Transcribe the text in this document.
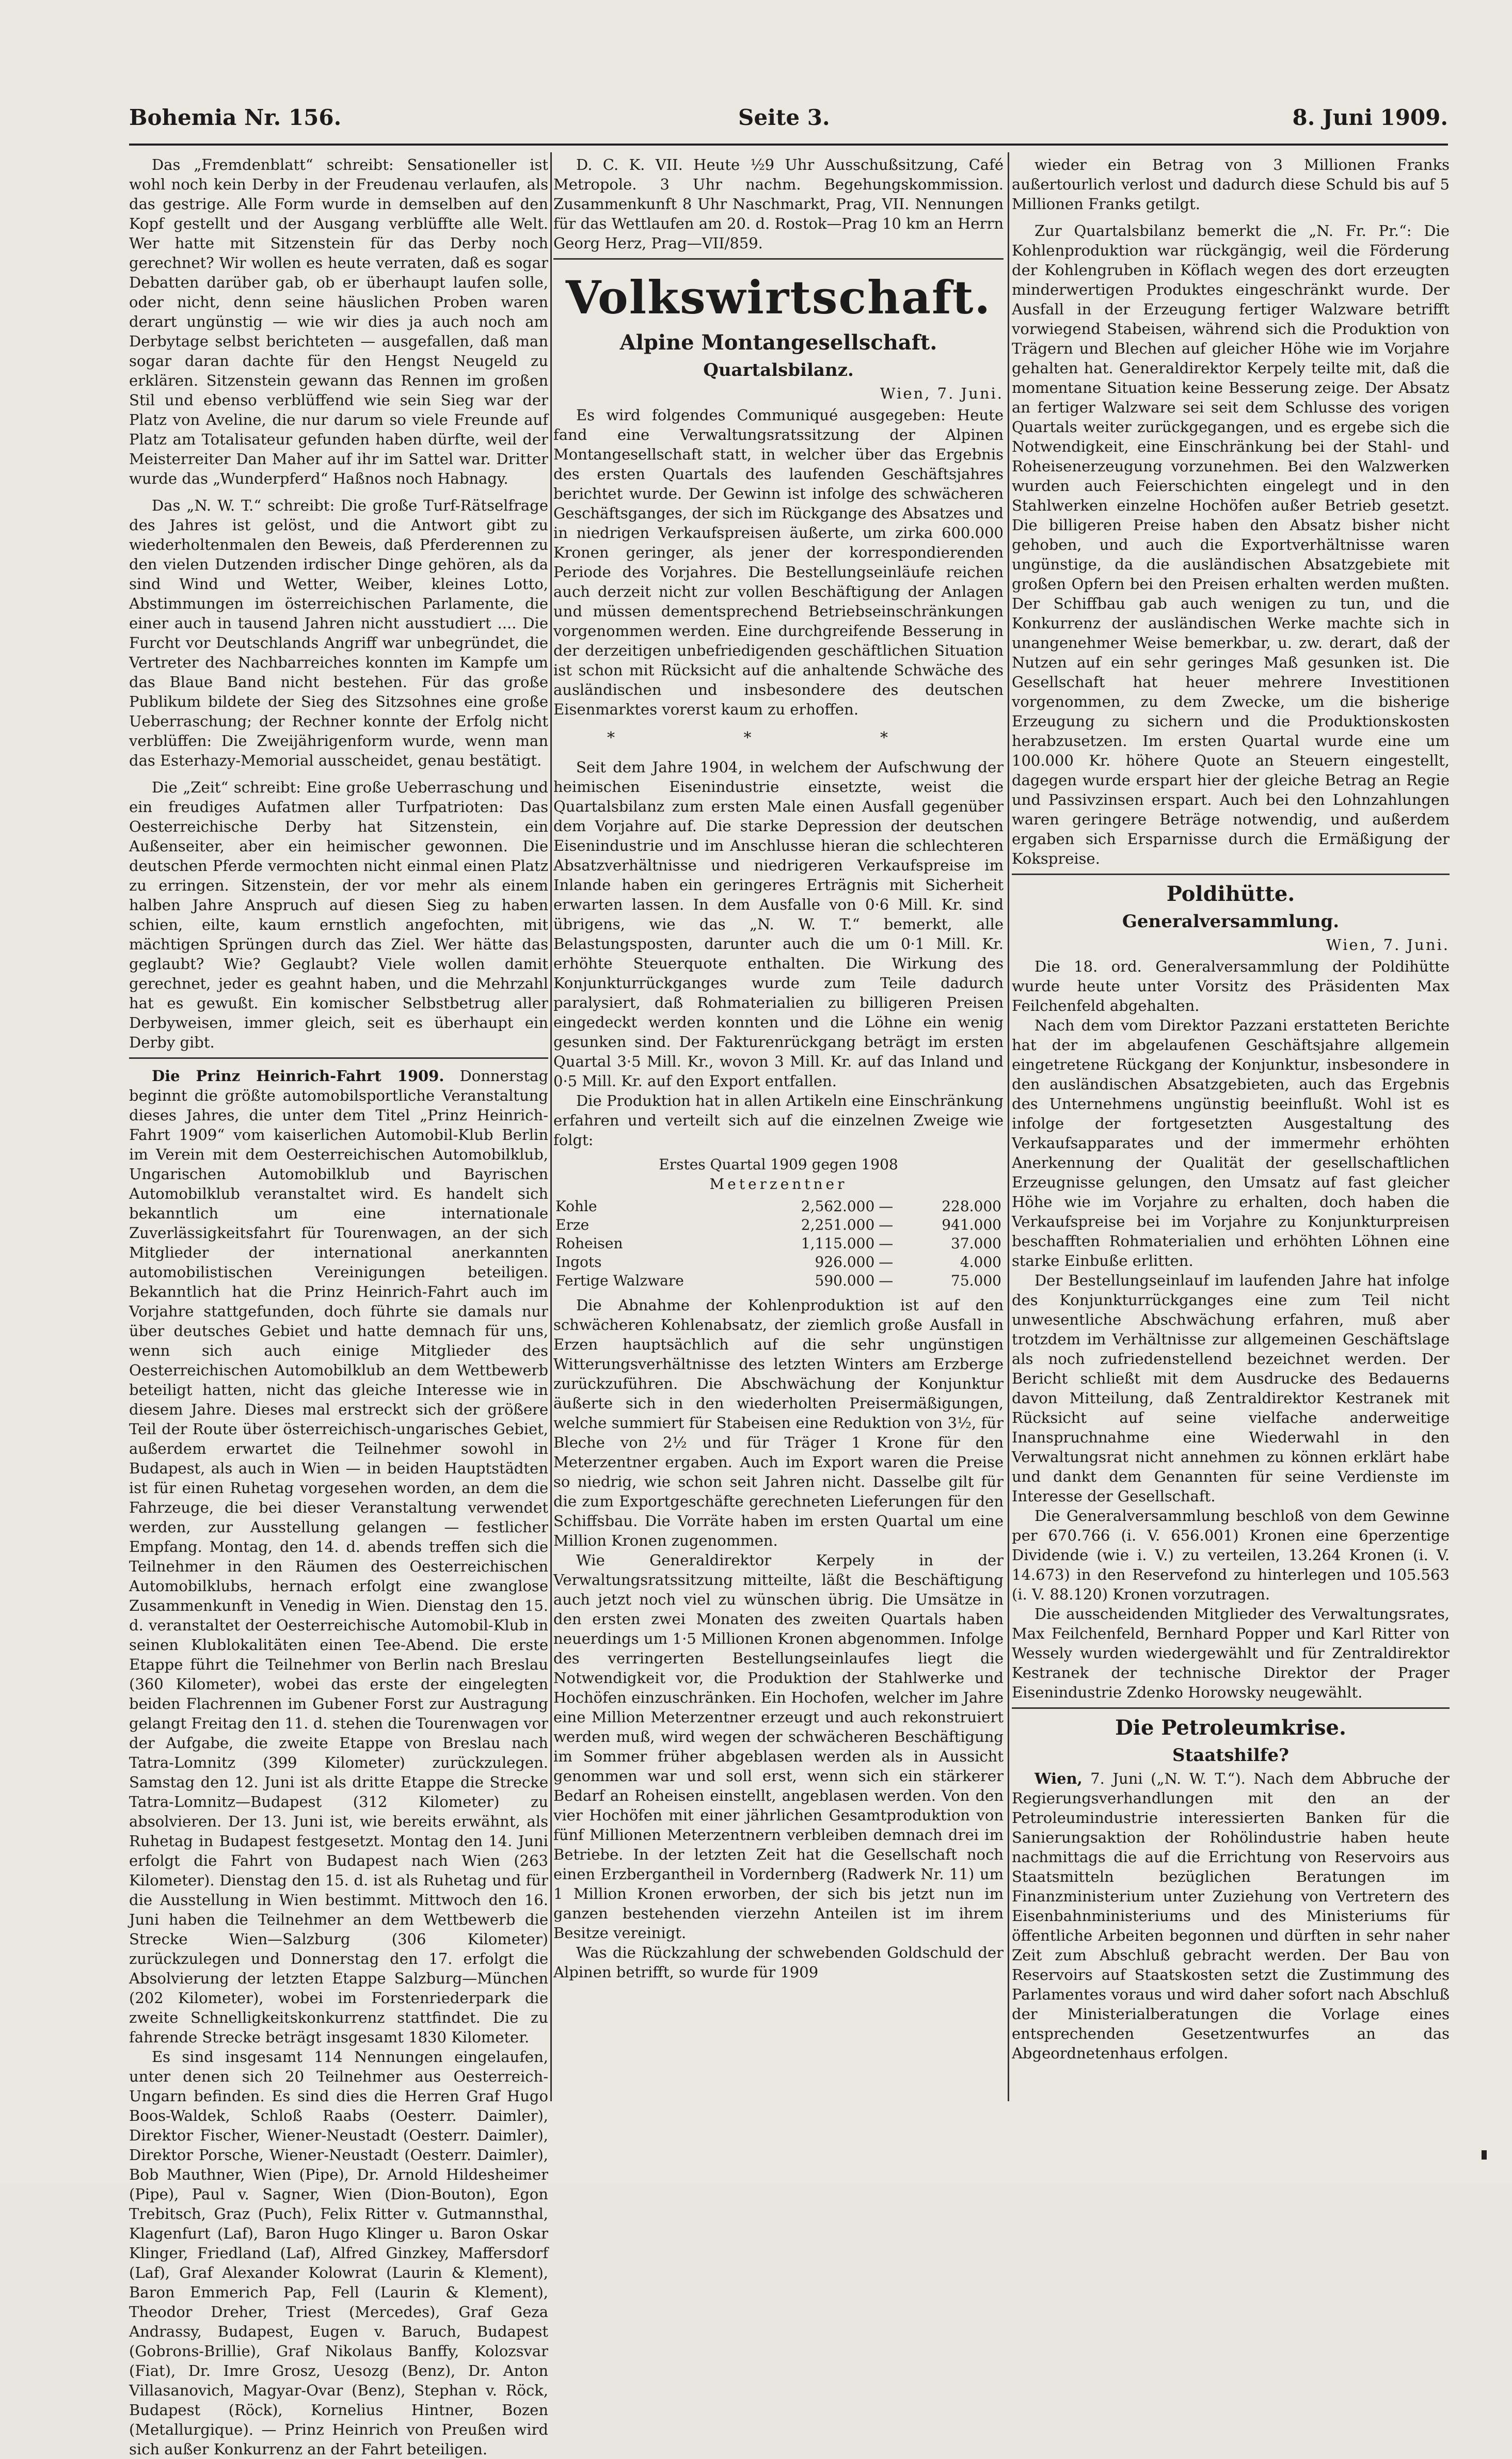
Bohemia Nr. 156.	Seite 3.	8. Juni 1909.

Das „Fremdenblatt“ schreibt: Sensationeller ist wohl noch kein Derby in der Freudenau verlaufen, als das gestrige. Alle Form wurde in demselben auf den Kopf gestellt und der Ausgang verblüffte alle Welt. Wer hatte mit Sitzenstein für das Derby noch gerechnet? Wir wollen es heute verraten, daß es sogar Debatten darüber gab, ob er überhaupt laufen solle, oder nicht, denn seine häuslichen Proben waren derart ungünstig — wie wir dies ja auch noch am Derbytage selbst berichteten — ausgefallen, daß man sogar daran dachte für den Hengst Neugeld zu erklären. Sitzenstein gewann das Rennen im großen Stil und ebenso verblüffend wie sein Sieg war der Platz von Aveline, die nur darum so viele Freunde auf Platz am Totalisateur gefunden haben dürfte, weil der Meisterreiter Dan Maher auf ihr im Sattel war. Dritter wurde das „Wunderpferd“ Haßnos noch Habnagy.

Das „N. W. T.“ schreibt: Die große Turf-Rätselfrage des Jahres ist gelöst, und die Antwort gibt zu wiederholtenmalen den Beweis, daß Pferderennen zu den vielen Dutzenden irdischer Dinge gehören, als da sind Wind und Wetter, Weiber, kleines Lotto, Abstimmungen im österreichischen Parlamente, die einer auch in tausend Jahren nicht ausstudiert .... Die Furcht vor Deutschlands Angriff war unbegründet, die Vertreter des Nachbarreiches konnten im Kampfe um das Blaue Band nicht bestehen. Für das große Publikum bildete der Sieg des Sitzsohnes eine große Ueberraschung; der Rechner konnte der Erfolg nicht verblüffen: Die Zweijährigenform wurde, wenn man das Esterhazy-Memorial ausscheidet, genau bestätigt.

Die „Zeit“ schreibt: Eine große Ueberraschung und ein freudiges Aufatmen aller Turfpatrioten: Das Oesterreichische Derby hat Sitzenstein, ein Außenseiter, aber ein heimischer gewonnen. Die deutschen Pferde vermochten nicht einmal einen Platz zu erringen. Sitzenstein, der vor mehr als einem halben Jahre Anspruch auf diesen Sieg zu haben schien, eilte, kaum ernstlich angefochten, mit mächtigen Sprüngen durch das Ziel. Wer hätte das geglaubt? Wie? Geglaubt? Viele wollen damit gerechnet, jeder es geahnt haben, und die Mehrzahl hat es gewußt. Ein komischer Selbstbetrug aller Derbyweisen, immer gleich, seit es überhaupt ein Derby gibt.

Die Prinz Heinrich-Fahrt 1909. Donnerstag beginnt die größte automobilsportliche Veranstaltung dieses Jahres, die unter dem Titel „Prinz Heinrich-Fahrt 1909“ vom kaiserlichen Automobil-Klub Berlin im Verein mit dem Oesterreichischen Automobilklub, Ungarischen Automobilklub und Bayrischen Automobilklub veranstaltet wird. Es handelt sich bekanntlich um eine internationale Zuverlässigkeitsfahrt für Tourenwagen, an der sich Mitglieder der international anerkannten automobilistischen Vereinigungen beteiligen. Bekanntlich hat die Prinz Heinrich-Fahrt auch im Vorjahre stattgefunden, doch führte sie damals nur über deutsches Gebiet und hatte demnach für uns, wenn sich auch einige Mitglieder des Oesterreichischen Automobilklub an dem Wettbewerb beteiligt hatten, nicht das gleiche Interesse wie in diesem Jahre. Dieses mal erstreckt sich der größere Teil der Route über österreichisch-ungarisches Gebiet, außerdem erwartet die Teilnehmer sowohl in Budapest, als auch in Wien — in beiden Hauptstädten ist für einen Ruhetag vorgesehen worden, an dem die Fahrzeuge, die bei dieser Veranstaltung verwendet werden, zur Ausstellung gelangen — festlicher Empfang. Montag, den 14. d. abends treffen sich die Teilnehmer in den Räumen des Oesterreichischen Automobilklubs, hernach erfolgt eine zwanglose Zusammenkunft in Venedig in Wien. Dienstag den 15. d. veranstaltet der Oesterreichische Automobil-Klub in seinen Klublokalitäten einen Tee-Abend. Die erste Etappe führt die Teilnehmer von Berlin nach Breslau (360 Kilometer), wobei das erste der eingelegten beiden Flachrennen im Gubener Forst zur Austragung gelangt Freitag den 11. d. stehen die Tourenwagen vor der Aufgabe, die zweite Etappe von Breslau nach Tatra-Lomnitz (399 Kilometer) zurückzulegen. Samstag den 12. Juni ist als dritte Etappe die Strecke Tatra-Lomnitz—Budapest (312 Kilometer) zu absolvieren. Der 13. Juni ist, wie bereits erwähnt, als Ruhetag in Budapest festgesetzt. Montag den 14. Juni erfolgt die Fahrt von Budapest nach Wien (263 Kilometer). Dienstag den 15. d. ist als Ruhetag und für die Ausstellung in Wien bestimmt. Mittwoch den 16. Juni haben die Teilnehmer an dem Wettbewerb die Strecke Wien—Salzburg (306 Kilometer) zurückzulegen und Donnerstag den 17. erfolgt die Absolvierung der letzten Etappe Salzburg—München (202 Kilometer), wobei im Forstenriederpark die zweite Schnelligkeitskonkurrenz stattfindet. Die zu fahrende Strecke beträgt insgesamt 1830 Kilometer.

Es sind insgesamt 114 Nennungen eingelaufen, unter denen sich 20 Teilnehmer aus Oesterreich-Ungarn befinden. Es sind dies die Herren Graf Hugo Boos-Waldek, Schloß Raabs (Oesterr. Daimler), Direktor Fischer, Wiener-Neustadt (Oesterr. Daimler), Direktor Porsche, Wiener-Neustadt (Oesterr. Daimler), Bob Mauthner, Wien (Pipe), Dr. Arnold Hildesheimer (Pipe), Paul v. Sagner, Wien (Dion-Bouton), Egon Trebitsch, Graz (Puch), Felix Ritter v. Gutmannsthal, Klagenfurt (Laf), Baron Hugo Klinger u. Baron Oskar Klinger, Friedland (Laf), Alfred Ginzkey, Maffersdorf (Laf), Graf Alexander Kolowrat (Laurin & Klement), Baron Emmerich Pap, Fell (Laurin & Klement), Theodor Dreher, Triest (Mercedes), Graf Geza Andrassy, Budapest, Eugen v. Baruch, Budapest (Gobrons-Brillie), Graf Nikolaus Banffy, Kolozsvar (Fiat), Dr. Imre Grosz, Uesozg (Benz), Dr. Anton Villasanovich, Magyar-Ovar (Benz), Stephan v. Röck, Budapest (Röck), Kornelius Hintner, Bozen (Metallurgique). — Prinz Heinrich von Preußen wird sich außer Konkurrenz an der Fahrt beteiligen.

D. C. K. VII. Heute ½9 Uhr Ausschußsitzung, Café Metropole. 3 Uhr nachm. Begehungskommission. Zusammenkunft 8 Uhr Naschmarkt, Prag, VII. Nennungen für das Wettlaufen am 20. d. Rostok—Prag 10 km an Herrn Georg Herz, Prag—VII/859.

Volkswirtschaft.
Alpine Montangesellschaft.
Quartalsbilanz.
Wien, 7. Juni.

Es wird folgendes Communiqué ausgegeben: Heute fand eine Verwaltungsratssitzung der Alpinen Montangesellschaft statt, in welcher über das Ergebnis des ersten Quartals des laufenden Geschäftsjahres berichtet wurde. Der Gewinn ist infolge des schwächeren Geschäftsganges, der sich im Rückgange des Absatzes und in niedrigen Verkaufspreisen äußerte, um zirka 600.000 Kronen geringer, als jener der korrespondierenden Periode des Vorjahres. Die Bestellungseinläufe reichen auch derzeit nicht zur vollen Beschäftigung der Anlagen und müssen dementsprechend Betriebseinschränkungen vorgenommen werden. Eine durchgreifende Besserung in der derzeitigen unbefriedigenden geschäftlichen Situation ist schon mit Rücksicht auf die anhaltende Schwäche des ausländischen und insbesondere des deutschen Eisenmarktes vorerst kaum zu erhoffen.

* * *

Seit dem Jahre 1904, in welchem der Aufschwung der heimischen Eisenindustrie einsetzte, weist die Quartalsbilanz zum ersten Male einen Ausfall gegenüber dem Vorjahre auf. Die starke Depression der deutschen Eisenindustrie und im Anschlusse hieran die schlechteren Absatzverhältnisse und niedrigeren Verkaufspreise im Inlande haben ein geringeres Erträgnis mit Sicherheit erwarten lassen. In dem Ausfalle von 0·6 Mill. Kr. sind übrigens, wie das „N. W. T.“ bemerkt, alle Belastungsposten, darunter auch die um 0·1 Mill. Kr. erhöhte Steuerquote enthalten. Die Wirkung des Konjunkturrückganges wurde zum Teile dadurch paralysiert, daß Rohmaterialien zu billigeren Preisen eingedeckt werden konnten und die Löhne ein wenig gesunken sind. Der Fakturenrückgang beträgt im ersten Quartal 3·5 Mill. Kr., wovon 3 Mill. Kr. auf das Inland und 0·5 Mill. Kr. auf den Export entfallen.

Die Produktion hat in allen Artikeln eine Einschränkung erfahren und verteilt sich auf die einzelnen Zweige wie folgt:

Erstes Quartal 1909 gegen 1908
Meterzentner
Kohle	2,562.000	—	228.000
Erze	2,251.000	—	941.000
Roheisen	1,115.000	—	37.000
Ingots	926.000	—	4.000
Fertige Walzware	590.000	—	75.000

Die Abnahme der Kohlenproduktion ist auf den schwächeren Kohlenabsatz, der ziemlich große Ausfall in Erzen hauptsächlich auf die sehr ungünstigen Witterungsverhältnisse des letzten Winters am Erzberge zurückzuführen. Die Abschwächung der Konjunktur äußerte sich in den wiederholten Preisermäßigungen, welche summiert für Stabeisen eine Reduktion von 3½, für Bleche von 2½ und für Träger 1 Krone für den Meterzentner ergaben. Auch im Export waren die Preise so niedrig, wie schon seit Jahren nicht. Dasselbe gilt für die zum Exportgeschäfte gerechneten Lieferungen für den Schiffsbau. Die Vorräte haben im ersten Quartal um eine Million Kronen zugenommen.

Wie Generaldirektor Kerpely in der Verwaltungsratssitzung mitteilte, läßt die Beschäftigung auch jetzt noch viel zu wünschen übrig. Die Umsätze in den ersten zwei Monaten des zweiten Quartals haben neuerdings um 1·5 Millionen Kronen abgenommen. Infolge des verringerten Bestellungseinlaufes liegt die Notwendigkeit vor, die Produktion der Stahlwerke und Hochöfen einzuschränken. Ein Hochofen, welcher im Jahre eine Million Meterzentner erzeugt und auch rekonstruiert werden muß, wird wegen der schwächeren Beschäftigung im Sommer früher abgeblasen werden als in Aussicht genommen war und soll erst, wenn sich ein stärkerer Bedarf an Roheisen einstellt, angeblasen werden. Von den vier Hochöfen mit einer jährlichen Gesamtproduktion von fünf Millionen Meterzentnern verbleiben demnach drei im Betriebe. In der letzten Zeit hat die Gesellschaft noch einen Erzbergantheil in Vordernberg (Radwerk Nr. 11) um 1 Million Kronen erworben, der sich bis jetzt nun im ganzen bestehenden vierzehn Anteilen ist im ihrem Besitze vereinigt.

Was die Rückzahlung der schwebenden Goldschuld der Alpinen betrifft, so wurde für 1909

wieder ein Betrag von 3 Millionen Franks außertourlich verlost und dadurch diese Schuld bis auf 5 Millionen Franks getilgt.

Zur Quartalsbilanz bemerkt die „N. Fr. Pr.“: Die Kohlenproduktion war rückgängig, weil die Förderung der Kohlengruben in Köflach wegen des dort erzeugten minderwertigen Produktes eingeschränkt wurde. Der Ausfall in der Erzeugung fertiger Walzware betrifft vorwiegend Stabeisen, während sich die Produktion von Trägern und Blechen auf gleicher Höhe wie im Vorjahre gehalten hat. Generaldirektor Kerpely teilte mit, daß die momentane Situation keine Besserung zeige. Der Absatz an fertiger Walzware sei seit dem Schlusse des vorigen Quartals weiter zurückgegangen, und es ergebe sich die Notwendigkeit, eine Einschränkung bei der Stahl- und Roheisenerzeugung vorzunehmen. Bei den Walzwerken wurden auch Feierschichten eingelegt und in den Stahlwerken einzelne Hochöfen außer Betrieb gesetzt. Die billigeren Preise haben den Absatz bisher nicht gehoben, und auch die Exportverhältnisse waren ungünstige, da die ausländischen Absatzgebiete mit großen Opfern bei den Preisen erhalten werden mußten. Der Schiffbau gab auch wenigen zu tun, und die Konkurrenz der ausländischen Werke machte sich in unangenehmer Weise bemerkbar, u. zw. derart, daß der Nutzen auf ein sehr geringes Maß gesunken ist. Die Gesellschaft hat heuer mehrere Investitionen vorgenommen, zu dem Zwecke, um die bisherige Erzeugung zu sichern und die Produktionskosten herabzusetzen. Im ersten Quartal wurde eine um 100.000 Kr. höhere Quote an Steuern eingestellt, dagegen wurde erspart hier der gleiche Betrag an Regie und Passivzinsen erspart. Auch bei den Lohnzahlungen waren geringere Beträge notwendig, und außerdem ergaben sich Ersparnisse durch die Ermäßigung der Kokspreise.

Poldihütte.
Generalversammlung.
Wien, 7. Juni.

Die 18. ord. Generalversammlung der Poldihütte wurde heute unter Vorsitz des Präsidenten Max Feilchenfeld abgehalten.

Nach dem vom Direktor Pazzani erstatteten Berichte hat der im abgelaufenen Geschäftsjahre allgemein eingetretene Rückgang der Konjunktur, insbesondere in den ausländischen Absatzgebieten, auch das Ergebnis des Unternehmens ungünstig beeinflußt. Wohl ist es infolge der fortgesetzten Ausgestaltung des Verkaufsapparates und der immermehr erhöhten Anerkennung der Qualität der gesellschaftlichen Erzeugnisse gelungen, den Umsatz auf fast gleicher Höhe wie im Vorjahre zu erhalten, doch haben die Verkaufspreise bei im Vorjahre zu Konjunkturpreisen beschafften Rohmaterialien und erhöhten Löhnen eine starke Einbuße erlitten.

Der Bestellungseinlauf im laufenden Jahre hat infolge des Konjunkturrückganges eine zum Teil nicht unwesentliche Abschwächung erfahren, muß aber trotzdem im Verhältnisse zur allgemeinen Geschäftslage als noch zufriedenstellend bezeichnet werden. Der Bericht schließt mit dem Ausdrucke des Bedauerns davon Mitteilung, daß Zentraldirektor Kestranek mit Rücksicht auf seine vielfache anderweitige Inanspruchnahme eine Wiederwahl in den Verwaltungsrat nicht annehmen zu können erklärt habe und dankt dem Genannten für seine Verdienste im Interesse der Gesellschaft.

Die Generalversammlung beschloß von dem Gewinne per 670.766 (i. V. 656.001) Kronen eine 6perzentige Dividende (wie i. V.) zu verteilen, 13.264 Kronen (i. V. 14.673) in den Reservefond zu hinterlegen und 105.563 (i. V. 88.120) Kronen vorzutragen.

Die ausscheidenden Mitglieder des Verwaltungsrates, Max Feilchenfeld, Bernhard Popper und Karl Ritter von Wessely wurden wiedergewählt und für Zentraldirektor Kestranek der technische Direktor der Prager Eisenindustrie Zdenko Horowsky neugewählt.

Die Petroleumkrise.
Staatshilfe?

Wien, 7. Juni („N. W. T.“). Nach dem Abbruche der Regierungsverhandlungen mit den an der Petroleumindustrie interessierten Banken für die Sanierungsaktion der Rohölindustrie haben heute nachmittags die auf die Errichtung von Reservoirs aus Staatsmitteln bezüglichen Beratungen im Finanzministerium unter Zuziehung von Vertretern des Eisenbahnministeriums und des Ministeriums für öffentliche Arbeiten begonnen und dürften in sehr naher Zeit zum Abschluß gebracht werden. Der Bau von Reservoirs auf Staatskosten setzt die Zustimmung des Parlamentes voraus und wird daher sofort nach Abschluß der Ministerialberatungen die Vorlage eines entsprechenden Gesetzentwurfes an das Abgeordnetenhaus erfolgen.
